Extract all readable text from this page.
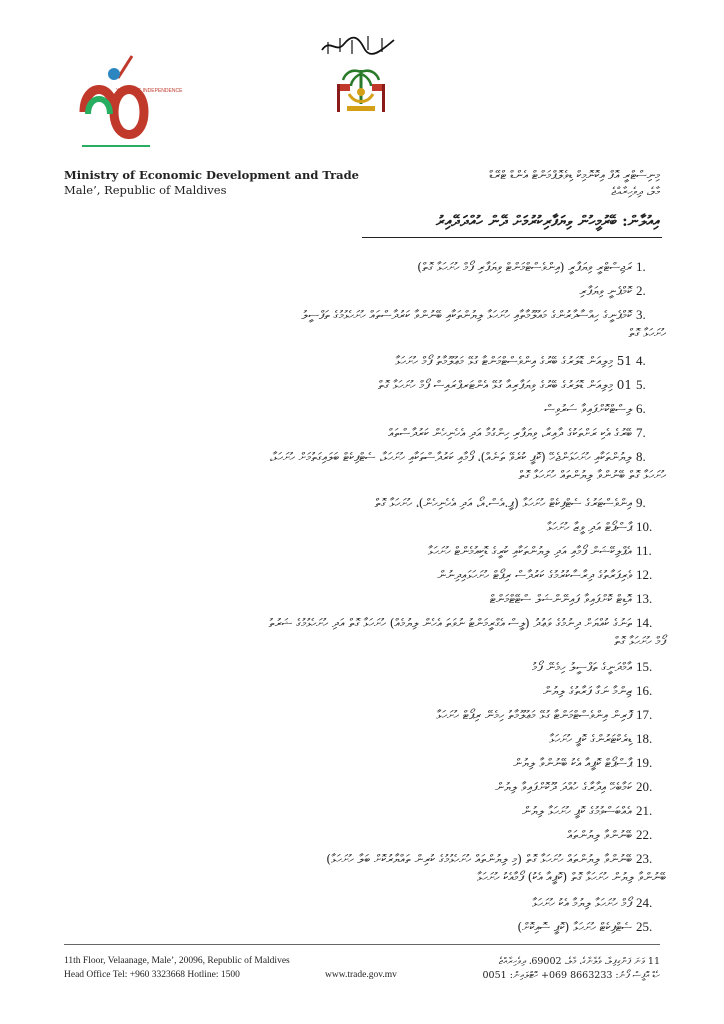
YEARS OF INDEPENDENCE
Ministry of Economic Development and Trade
Male’, Republic of Maldives
މިނިސްޓްރީ އޮފް އިކޮނޮމިކް ޑިވެލޮޕްމަންޓް އެންޑް ޓްރޭޑް
މާލެ، ދިވެހިރާއްޖެ
އިއުލާން: ބޭރުމީހުން ވިޔަފާރިކުރުމަށް ދޭން ހުއްދަދޭއިރު
1.
ރަޖިސްޓްރީ ވިޔަފާރީ (އިންވެސްޓްމަންޓް ވިޔަފާރި ފޯމް ހުށަހަޅާ ގޮތް)
2.
ކޮމްޕެނީ ވިޔަފާރި
3.
ކޮމްޕެނީގެ ހިއްސާދާރުންގެ މައުލޫމާތާއި ހުށަހަޅާ ލިޔުންތަކާއި ބޭނުންވާ ކަރުދާސްތައް ހުށަހެޅުމުގެ ތަފްސީލު
ހުށަހަޅާ ގޮތް
4.
15 މިލިއަން ޑޮލަރުގެ ބޭރުގެ އިންވެސްޓްމަންޓާ ގުޅޭ މަޢުލޫމާތު ފޯމް ހުށަހަޅާ
5.
10 މިލިއަން ޑޮލަރުގެ ބޭރުގެ ވިޔަފާރިއާ ގުޅޭ އެންޓަރޕްރައިސް ފޯމް ހުށަހަޅާ ގޮތް
6.
ލިސްޓްކޮށްފައިވާ ސަރުވިސް
7.
ބޭރުގެ އެކި ރަށްތަކުގެ ދާއިރާ، ވިޔަފާރި ހިންގުމާ އަދި އެހެނިހެން ކަރުދާސްތައް
8.
ލިޔުންތަކާއި ހުށަހަޅަންޖެހޭ (ކޮޕީ ކުރެވޭ ތަނެއް)، ފޯމާއި ކަރުދާސްތަކާއި ހުށަހަޅާ، ސެޓްފިކެޓް ބަލައިގަތުމަށް ހުށަހަޅާ،
ހުށަހަޅާ ގޮތް ބޭނުންވާ ލިޔުންތައް ހުށަހަޅާ ގޮތް
9.
އިންވެސްޓަރުގެ ސެޓްފިކެޓް ހުށަހަޅާ (ޕީ.އެސް.އޯ، އަދި އެހެނިހެން)، ހުށަހަޅާ ގޮތް
10.
ޕާސްޕޯޓް އަދި ވީޒާ ހުށަހަޅާ
11.
އެޕްލިކޭޝަން ފޯމާއި އަދި ލިޔުންތަކާއި ކުރީގެ ޑޮކިއުމެންޓް ހުށަހަޅާ
12.
ވެރިފަރާތުގެ ދިރާސާކުރުމުގެ ކަރުދާސް ރިޕޯޓް ހުށަހަޅައިދިނުން
13.
އޮޑިޓް ކޮށްފައިވާ ފައިނޭންޝަލް ސްޓޭޓްމަންޓް
14.
ތަނުގެ ކުއްޔަށް ދިނުމުގެ ވަޢުދު (ލީސް އެގްރީމަންޓު ނުވަތަ އެހެން ލިޔުމެއް) ހުށަހަޅާ ގޮތް އަދި ހުށަހެޅުމުގެ ޝަރުތު
ފޯމް ހުށަހަޅާ ގޮތް
15.
އާމްދަނީގެ ތަފްސީލު ހިމެނޭ ފޯމު
16.
ޒިންމާ ނަގާ ފަރާތުގެ ލިޔުން
17.
ފޮރިން އިންވެސްޓްމަންޓާ ގުޅޭ މަޢުލޫމާތު ހިމެނޭ ރިޕޯޓް ހުށަހަޅާ
18.
ޑިރެކްޓަރުންގެ ކޮޕީ ހުށަހަޅާ
19.
ޕާސްޕޯޓް ކޮޕީއާ އެކު ބޭނުންވާ ލިޔުން
20.
ކަމާބެހޭ އިދާރާގެ ހުއްދަ ދޫކޮށްފައިވާ ލިޔުން
21.
އެއްބަސްވުމުގެ ކޮޕީ ހުށަހަޅާ ލިޔުން
22.
ބޭނުންވާ ލިޔުންތައް
23.
ބޭނުންވާ ލިޔުންތައް ހުށަހަޅާ ގޮތް (މި ލިޔުންތައް ހުށަހެޅުމުގެ ކުރިން ތައްޔާރުކޮށް ބަލާ ހުށަހަޅާ)
ބޭނުންވާ ލިޔުން ހުށަހަޅާ ގޮތް (ކޮޕީއާ އެކު) ފޯމާއެކު ހުށަހަޅާ
24.
ފޯމް ހުށަހަޅާ ލިޔުމާ އެކު ހުށަހަޅާ
25.
ސެޓްފިކެޓް ހުށަހަޅާ (ކޮޕީ ސޮއިކޮށް)
11th Floor, Velaanage, Male’, 20096, Republic of Maldives
Head Office Tel: +960 3323668 Hotline: 1500	www.trade.gov.mv
11 ވަނަ ފަންގިފިލާ، ވެލާނާގެ، މާލެ، 20096، ދިވެހިރާއްޖެ
ހެޑް އޮފީސް ފޯނު: 3323668 960+ ހޮޓްލައިން: 1500
